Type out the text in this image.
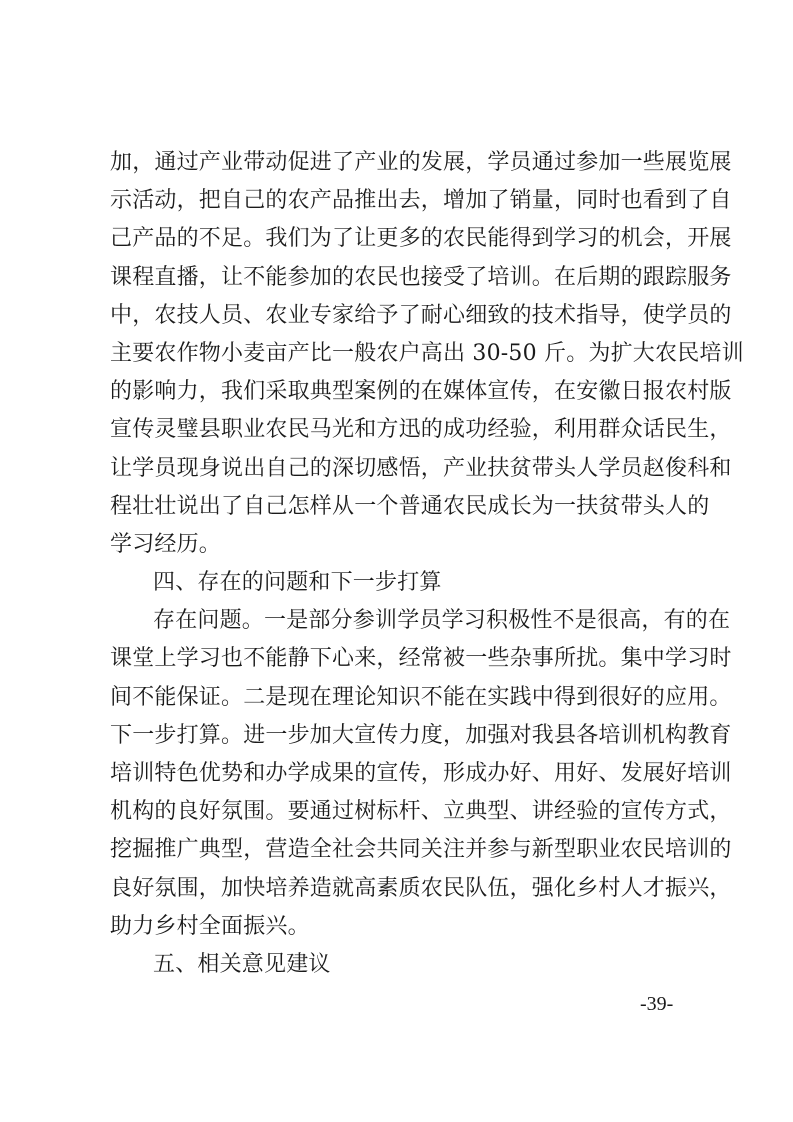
加，通过产业带动促进了产业的发展，学员通过参加一些展览展
示活动，把自己的农产品推出去，增加了销量，同时也看到了自
己产品的不足。我们为了让更多的农民能得到学习的机会，开展
课程直播，让不能参加的农民也接受了培训。在后期的跟踪服务
中，农技人员、农业专家给予了耐心细致的技术指导，使学员的
主要农作物小麦亩产比一般农户高出 30-50 斤。为扩大农民培训
的影响力，我们采取典型案例的在媒体宣传，在安徽日报农村版
宣传灵璧县职业农民马光和方迅的成功经验，利用群众话民生，
让学员现身说出自己的深切感悟，产业扶贫带头人学员赵俊科和
程壮壮说出了自己怎样从一个普通农民成长为一扶贫带头人的
学习经历。
四、存在的问题和下一步打算
存在问题。一是部分参训学员学习积极性不是很高，有的在
课堂上学习也不能静下心来，经常被一些杂事所扰。集中学习时
间不能保证。二是现在理论知识不能在实践中得到很好的应用。
下一步打算。进一步加大宣传力度，加强对我县各培训机构教育
培训特色优势和办学成果的宣传，形成办好、用好、发展好培训
机构的良好氛围。要通过树标杆、立典型、讲经验的宣传方式，
挖掘推广典型，营造全社会共同关注并参与新型职业农民培训的
良好氛围，加快培养造就高素质农民队伍，强化乡村人才振兴，
助力乡村全面振兴。
五、相关意见建议
-39-
